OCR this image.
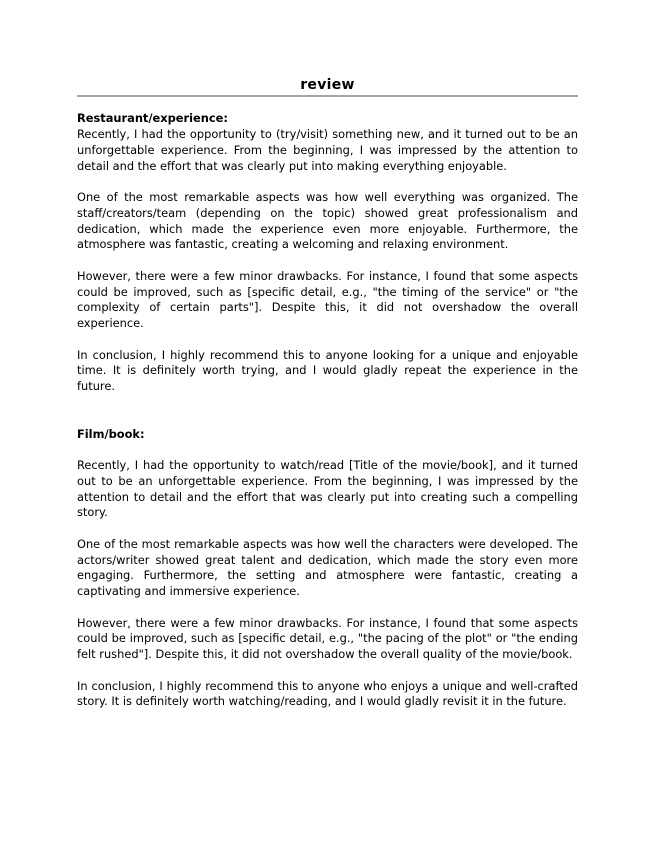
review
Restaurant/experience:

Recently, I had the opportunity to (try/visit) something new, and it turned out to be an unforgettable experience. From the beginning, I was impressed by the attention to detail and the effort that was clearly put into making everything enjoyable.

One of the most remarkable aspects was how well everything was organized. The staff/creators/team (depending on the topic) showed great professionalism and dedication, which made the experience even more enjoyable. Furthermore, the atmosphere was fantastic, creating a welcoming and relaxing environment.

However, there were a few minor drawbacks. For instance, I found that some aspects could be improved, such as [specific detail, e.g., "the timing of the service" or "the complexity of certain parts"]. Despite this, it did not overshadow the overall experience.

In conclusion, I highly recommend this to anyone looking for a unique and enjoyable time. It is definitely worth trying, and I would gladly repeat the experience in the future.

Film/book:

Recently, I had the opportunity to watch/read [Title of the movie/book], and it turned out to be an unforgettable experience. From the beginning, I was impressed by the attention to detail and the effort that was clearly put into creating such a compelling story.

One of the most remarkable aspects was how well the characters were developed. The actors/writer showed great talent and dedication, which made the story even more engaging. Furthermore, the setting and atmosphere were fantastic, creating a captivating and immersive experience.

However, there were a few minor drawbacks. For instance, I found that some aspects could be improved, such as [specific detail, e.g., "the pacing of the plot" or "the ending felt rushed"]. Despite this, it did not overshadow the overall quality of the movie/book.

In conclusion, I highly recommend this to anyone who enjoys a unique and well-crafted story. It is definitely worth watching/reading, and I would gladly revisit it in the future.
